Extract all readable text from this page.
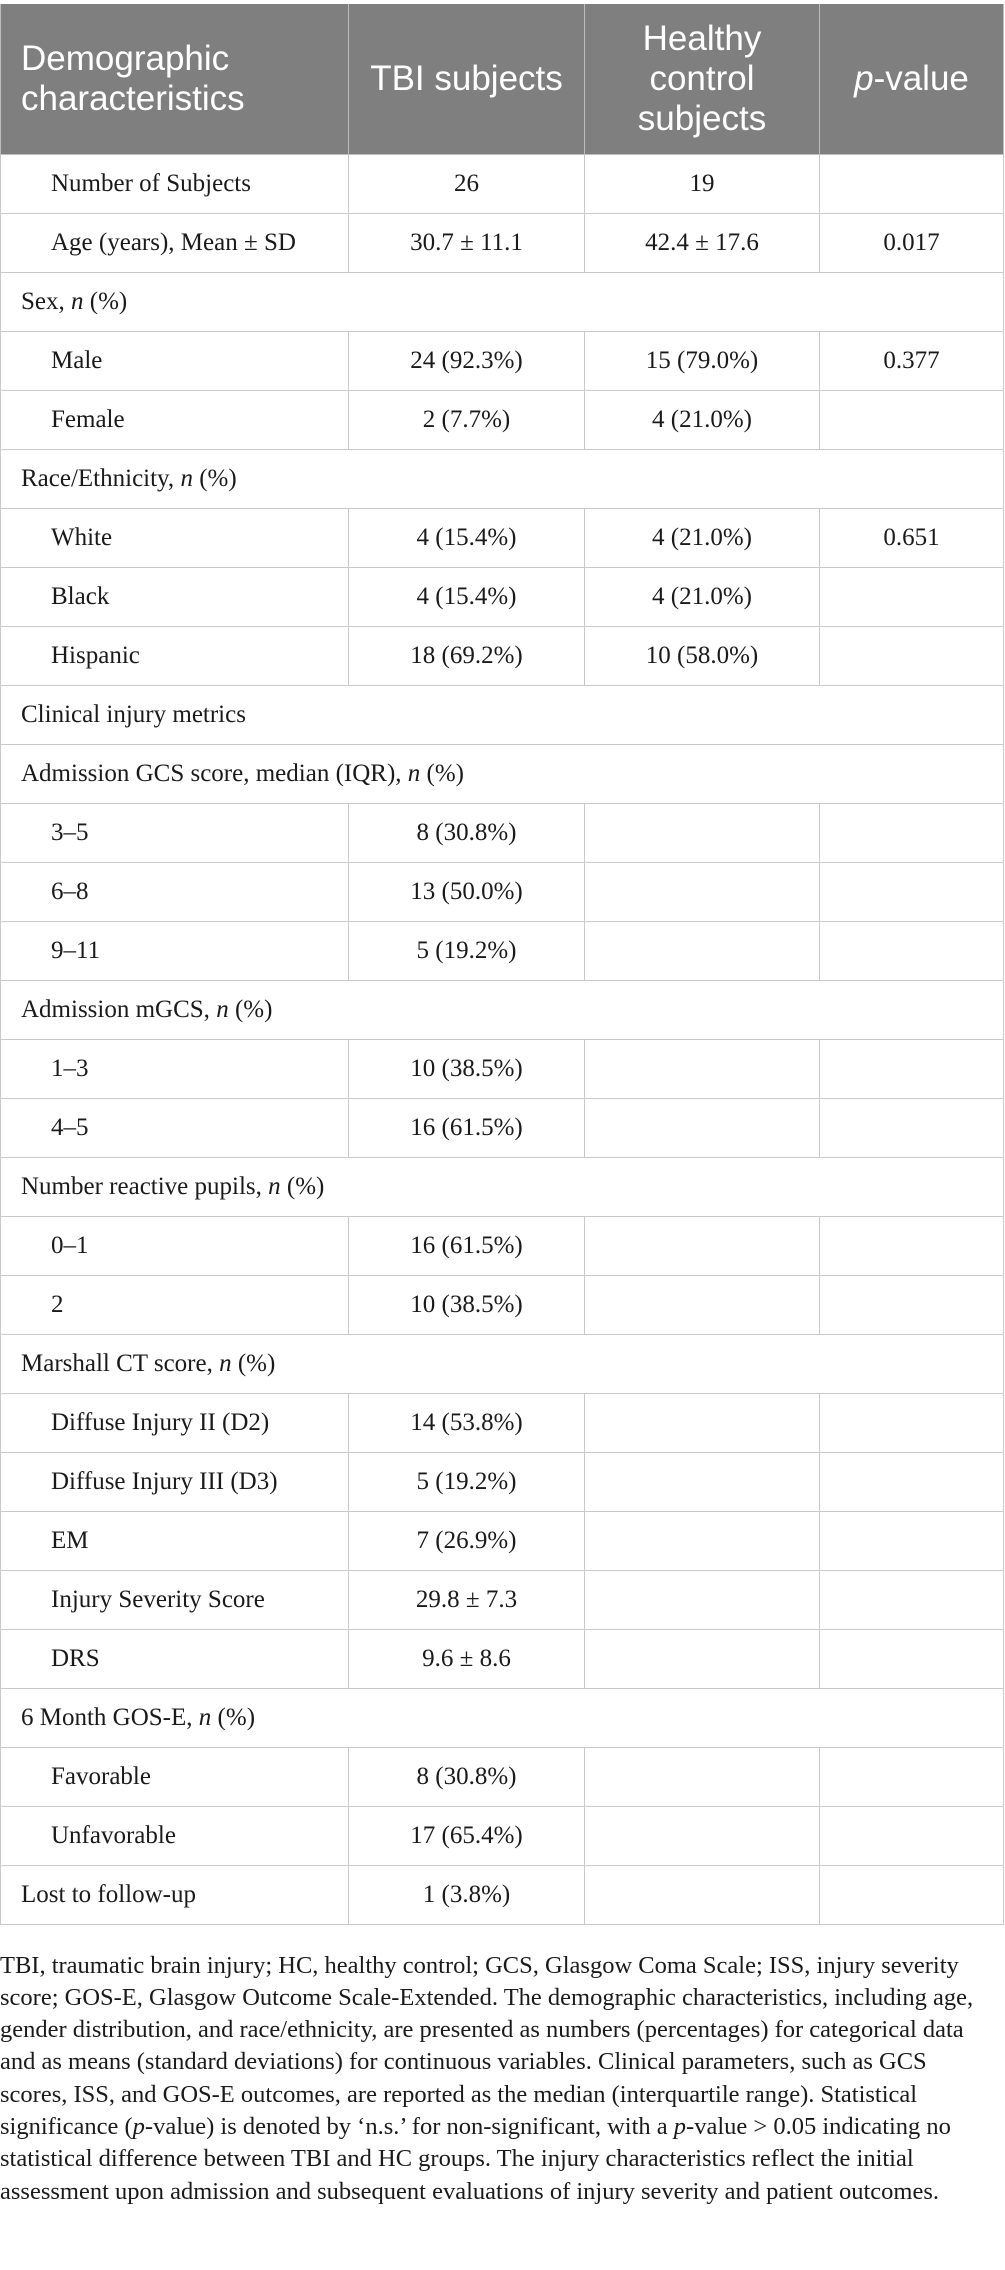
Demographic characteristics	TBI subjects	Healthy control subjects	p-value
Number of Subjects	26	19	
Age (years), Mean ± SD	30.7 ± 11.1	42.4 ± 17.6	0.017
Sex, n (%)			
Male	24 (92.3%)	15 (79.0%)	0.377
Female	2 (7.7%)	4 (21.0%)	
Race/Ethnicity, n (%)			
White	4 (15.4%)	4 (21.0%)	0.651
Black	4 (15.4%)	4 (21.0%)	
Hispanic	18 (69.2%)	10 (58.0%)	
Clinical injury metrics			
Admission GCS score, median (IQR), n (%)			
3–5	8 (30.8%)		
6–8	13 (50.0%)		
9–11	5 (19.2%)		
Admission mGCS, n (%)			
1–3	10 (38.5%)		
4–5	16 (61.5%)		
Number reactive pupils, n (%)			
0–1	16 (61.5%)		
2	10 (38.5%)		
Marshall CT score, n (%)			
Diffuse Injury II (D2)	14 (53.8%)		
Diffuse Injury III (D3)	5 (19.2%)		
EM	7 (26.9%)		
Injury Severity Score	29.8 ± 7.3		
DRS	9.6 ± 8.6		
6 Month GOS-E, n (%)			
Favorable	8 (30.8%)		
Unfavorable	17 (65.4%)		
Lost to follow-up	1 (3.8%)		

TBI, traumatic brain injury; HC, healthy control; GCS, Glasgow Coma Scale; ISS, injury severity score; GOS-E, Glasgow Outcome Scale-Extended. The demographic characteristics, including age, gender distribution, and race/ethnicity, are presented as numbers (percentages) for categorical data and as means (standard deviations) for continuous variables. Clinical parameters, such as GCS scores, ISS, and GOS-E outcomes, are reported as the median (interquartile range). Statistical significance (p-value) is denoted by ‘n.s.’ for non-significant, with a p-value > 0.05 indicating no statistical difference between TBI and HC groups. The injury characteristics reflect the initial assessment upon admission and subsequent evaluations of injury severity and patient outcomes.
